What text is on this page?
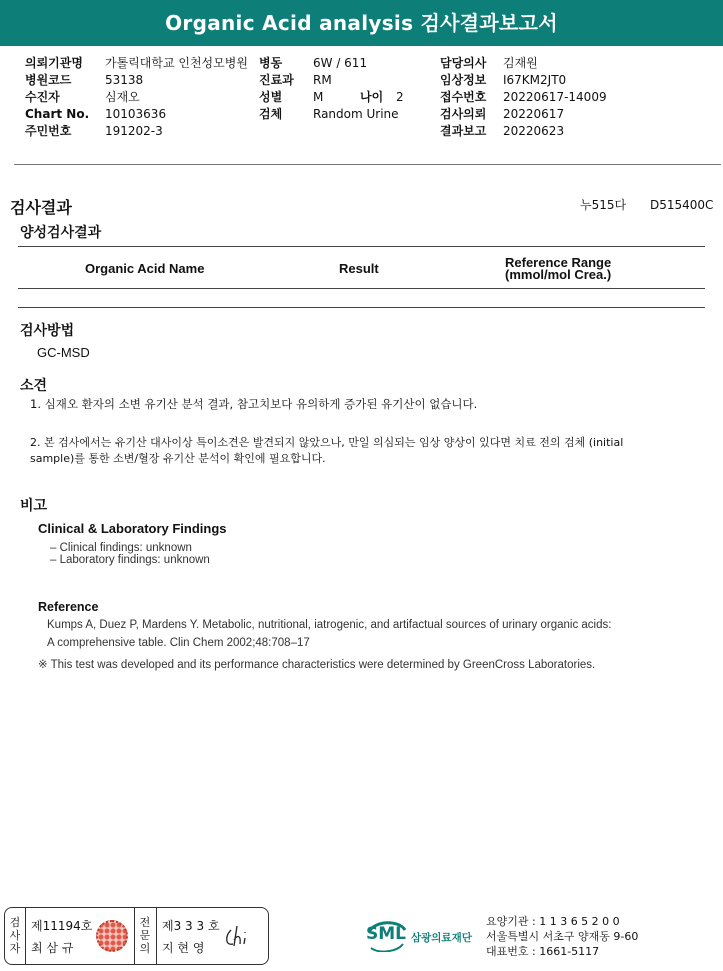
Organic Acid analysis 검사결과보고서
의뢰기관명 가톨릭대학교 인천성모병원
병원코드	53138
수진자	심재오
Chart No. 10103636
주민번호	191202-3
병동	6W / 611
진료과 RM
성별	M	나이 2
검체	Random Urine
담당의사 김재원
임상정보 I67KM2JT0
접수번호 20220617-14009
검사의뢰 20220617
결과보고 20220623
검사결과	누515다 D515400C
양성검사결과
Organic Acid Name	Result	Reference Range
(mmol/mol Crea.)
검사방법
GC-MSD
소견
1. 심재오 환자의 소변 유기산 분석 결과, 참고치보다 유의하게 증가된 유기산이 없습니다.
2. 본 검사에서는 유기산 대사이상 특이소견은 발견되지 않았으나, 만일 의심되는 임상 양상이 있다면 치료 전의 검체 (initial
sample)를 통한 소변/혈장 유기산 분석이 확인에 필요합니다.
비고
Clinical & Laboratory Findings
– Clinical findings: unknown
– Laboratory findings: unknown
Reference
Kumps A, Duez P, Mardens Y. Metabolic, nutritional, iatrogenic, and artifactual sources of urinary organic acids:
A comprehensive table. Clin Chem 2002;48:708–17
※ This test was developed and its performance characteristics were determined by GreenCross Laboratories.
검
사
자
제11194호
최 삼 규
전
문
의
제3 3 3 호
지 현 영
SML 삼광의료재단
요양기관 : 1 1 3 6 5 2 0 0
서울특별시 서초구 양재동 9-60
대표번호 : 1661-5117
